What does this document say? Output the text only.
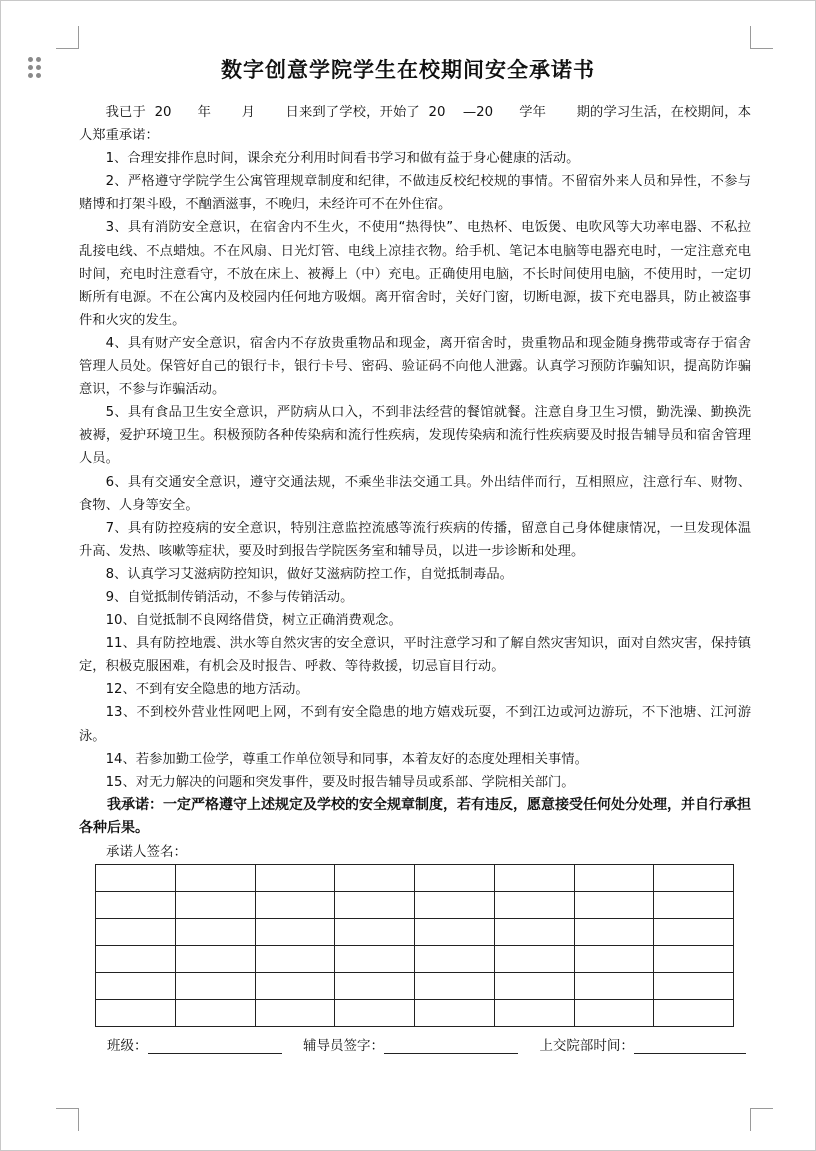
数字创意学院学生在校期间安全承诺书

我已于 20 年 月 日来到了学校，开始了 20 —20 学年 期的学习生活，在校期间，本人郑重承诺：

1、合理安排作息时间，课余充分利用时间看书学习和做有益于身心健康的活动。

2、严格遵守学院学生公寓管理规章制度和纪律，不做违反校纪校规的事情。不留宿外来人员和异性，不参与赌博和打架斗殴，不酗酒滋事，不晚归，未经许可不在外住宿。

3、具有消防安全意识，在宿舍内不生火，不使用“热得快”、电热杯、电饭煲、电吹风等大功率电器、不私拉乱接电线、不点蜡烛。不在风扇、日光灯管、电线上凉挂衣物。给手机、笔记本电脑等电器充电时，一定注意充电时间，充电时注意看守，不放在床上、被褥上（中）充电。正确使用电脑，不长时间使用电脑，不使用时，一定切断所有电源。不在公寓内及校园内任何地方吸烟。离开宿舍时，关好门窗，切断电源，拔下充电器具，防止被盗事件和火灾的发生。

4、具有财产安全意识，宿舍内不存放贵重物品和现金，离开宿舍时，贵重物品和现金随身携带或寄存于宿舍管理人员处。保管好自己的银行卡，银行卡号、密码、验证码不向他人泄露。认真学习预防诈骗知识，提高防诈骗意识，不参与诈骗活动。

5、具有食品卫生安全意识，严防病从口入，不到非法经营的餐馆就餐。注意自身卫生习惯，勤洗澡、勤换洗被褥，爱护环境卫生。积极预防各种传染病和流行性疾病，发现传染病和流行性疾病要及时报告辅导员和宿舍管理人员。

6、具有交通安全意识，遵守交通法规，不乘坐非法交通工具。外出结伴而行，互相照应，注意行车、财物、食物、人身等安全。

7、具有防控疫病的安全意识，特别注意监控流感等流行疾病的传播，留意自己身体健康情况，一旦发现体温升高、发热、咳嗽等症状，要及时到报告学院医务室和辅导员，以进一步诊断和处理。

8、认真学习艾滋病防控知识，做好艾滋病防控工作，自觉抵制毒品。

9、自觉抵制传销活动，不参与传销活动。

10、自觉抵制不良网络借贷，树立正确消费观念。

11、具有防控地震、洪水等自然灾害的安全意识，平时注意学习和了解自然灾害知识，面对自然灾害，保持镇定，积极克服困难，有机会及时报告、呼救、等待救援，切忌盲目行动。

12、不到有安全隐患的地方活动。

13、不到校外营业性网吧上网，不到有安全隐患的地方嬉戏玩耍，不到江边或河边游玩，不下池塘、江河游泳。

14、若参加勤工俭学，尊重工作单位领导和同事，本着友好的态度处理相关事情。

15、对无力解决的问题和突发事件，要及时报告辅导员或系部、学院相关部门。

我承诺：一定严格遵守上述规定及学校的安全规章制度，若有违反，愿意接受任何处分处理，并自行承担各种后果。

承诺人签名：

班级：	辅导员签字：	上交院部时间：
